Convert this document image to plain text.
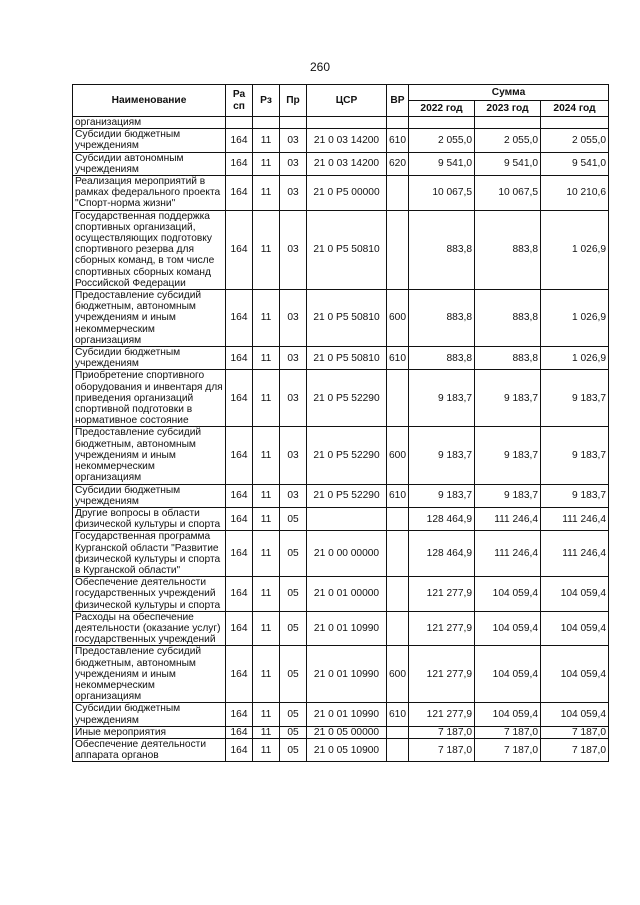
260
Наименование	Ра сп	Рз	Пр	ЦСР	ВР	Сумма		
						2022 год	2023 год	2024 год
организациям								
Субсидии бюджетным учреждениям	164	11	03	21 0 03 14200	610	2 055,0	2 055,0	2 055,0
Субсидии автономным учреждениям	164	11	03	21 0 03 14200	620	9 541,0	9 541,0	9 541,0
Реализация мероприятий в рамках федерального проекта "Спорт-норма жизни"	164	11	03	21 0 P5 00000		10 067,5	10 067,5	10 210,6
Государственная поддержка спортивных организаций, осуществляющих подготовку спортивного резерва для сборных команд, в том числе спортивных сборных команд Российской Федерации	164	11	03	21 0 P5 50810		883,8	883,8	1 026,9
Предоставление субсидий бюджетным, автономным учреждениям и иным некоммерческим организациям	164	11	03	21 0 P5 50810	600	883,8	883,8	1 026,9
Субсидии бюджетным учреждениям	164	11	03	21 0 P5 50810	610	883,8	883,8	1 026,9
Приобретение спортивного оборудования и инвентаря для приведения организаций спортивной подготовки в нормативное состояние	164	11	03	21 0 P5 52290		9 183,7	9 183,7	9 183,7
Предоставление субсидий бюджетным, автономным учреждениям и иным некоммерческим организациям	164	11	03	21 0 P5 52290	600	9 183,7	9 183,7	9 183,7
Субсидии бюджетным учреждениям	164	11	03	21 0 P5 52290	610	9 183,7	9 183,7	9 183,7
Другие вопросы в области физической культуры и спорта	164	11	05			128 464,9	111 246,4	111 246,4
Государственная программа Курганской области "Развитие физической культуры и спорта в Курганской области"	164	11	05	21 0 00 00000		128 464,9	111 246,4	111 246,4
Обеспечение деятельности государственных учреждений физической культуры и спорта	164	11	05	21 0 01 00000		121 277,9	104 059,4	104 059,4
Расходы на обеспечение деятельности (оказание услуг) государственных учреждений	164	11	05	21 0 01 10990		121 277,9	104 059,4	104 059,4
Предоставление субсидий бюджетным, автономным учреждениям и иным некоммерческим организациям	164	11	05	21 0 01 10990	600	121 277,9	104 059,4	104 059,4
Субсидии бюджетным учреждениям	164	11	05	21 0 01 10990	610	121 277,9	104 059,4	104 059,4
Иные мероприятия	164	11	05	21 0 05 00000		7 187,0	7 187,0	7 187,0
Обеспечение деятельности аппарата органов	164	11	05	21 0 05 10900		7 187,0	7 187,0	7 187,0
